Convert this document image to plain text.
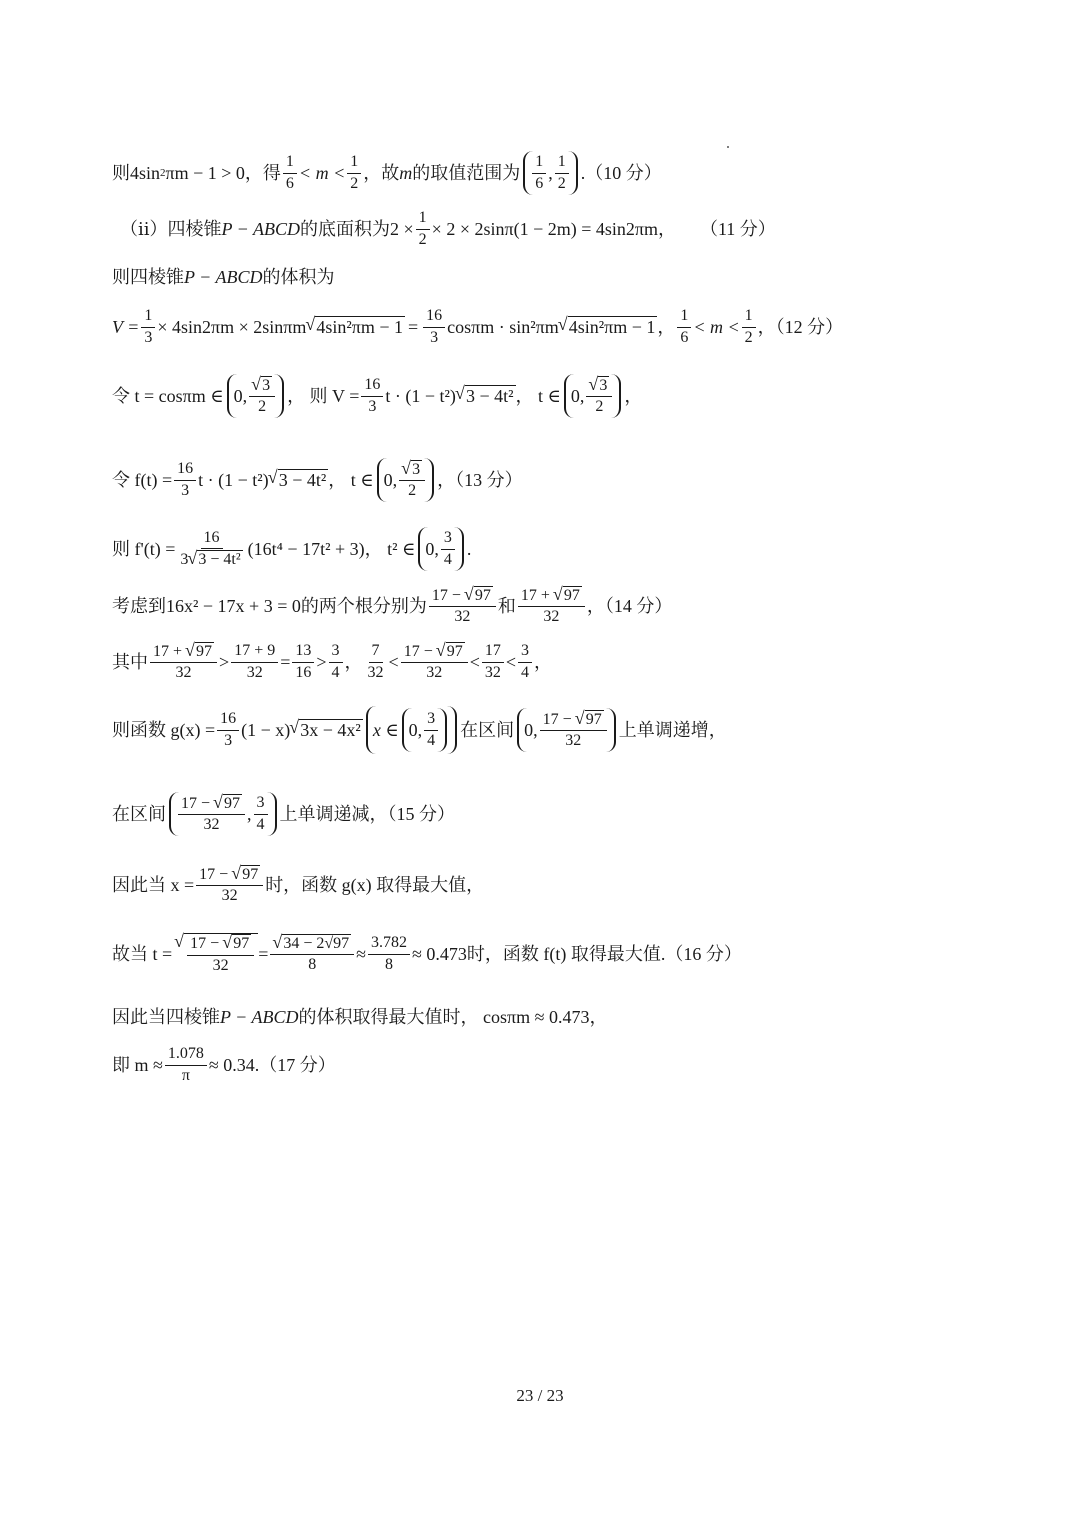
则4sin 2 πm − 1 > 0 ，得 $\frac{1}{6} < m < \frac{1}{2}$ ，故 m 的取值范围为 $\frac{1}{6}$ , $\frac{1}{2} .(10$ 分）
（ⅱ）四棱锥 P − ABCD 的底面积为$2 \times \frac{1}{2} \times 2 \times 2\sin\pi(1 - 2m) = 4\sin 2\pi m$， （11 分）
则四棱锥 P − ABCD 的体积为
$V = \frac{1}{3} \times 4\sin 2\pi m \times 2\sin\pi m$ √ $4\sin^2\pi m - 1 = \frac{16}{3}$ cosπm · sin²πm √ 4sin²πm − 1 ， $\frac{1}{6} < m < \frac{1}{2}$ ，（12 分）
令 t = cosπm ∈ 0, √ $\frac{3}{2}$ ， 则 $V = \frac{16}{3}$ t · (1 − t²) √ 3 − 4t² ， t ∈ 0, √ $\frac{3}{2}$ ，
令 $f(t) = \frac{16}{3}$ t · (1 − t²) √ 3 − 4t² ， t ∈ 0, √ $\frac{3}{2}$ ，（13 分）
则 $f'(t) = \frac{16}{\text{3 √ 3 − 4t²}} (16t^4 - 17t^2 + 3)$， t² ∈ 0, $\frac{3}{4}$ .
考虑到16x² − 17x + 3 = 0的两个根分别为 $\frac{17 - √ 97}{32}$ 和 $\frac{17 + √ 97}{32}$ ，（14 分）
其中 $\frac{17 + √ 97}{32} > \frac{17 + 9}{32} = \frac{13}{16} > \frac{3}{4}$ ， $\frac{7}{32} < \frac{17 - √ 97}{32} < \frac{17}{32} < \frac{3}{4}$ ，
则函数 $g(x) = \frac{16}{3} (1 - x)$ √ 3x − 4x² x ∈ 0, $\frac{3}{4}$ 在区间 0, $\frac{17 - √ 97}{32}$ 上单调递增，
在区间 $\frac{17 - √ 97}{32}$ , $\frac{3}{4}$ 上单调递减，（15 分）
因此当 $x = \frac{17 - √ 97}{32}$ 时，函数 g(x) 取得最大值，
故当 t = √ $\frac{17 - √ 97}{32}$ = √ $\frac{34 - 2√97}{8} \approx \frac{3.782}{8} \approx 0.473$时，函数 f(t) 取得最大值.（16 分）
因此当四棱锥 P − ABCD 的体积取得最大值时， cosπm ≈ 0.473，
即 $m \approx \frac{1.078}{\pi} \approx 0.34.(17$ 分）
23 / 23
